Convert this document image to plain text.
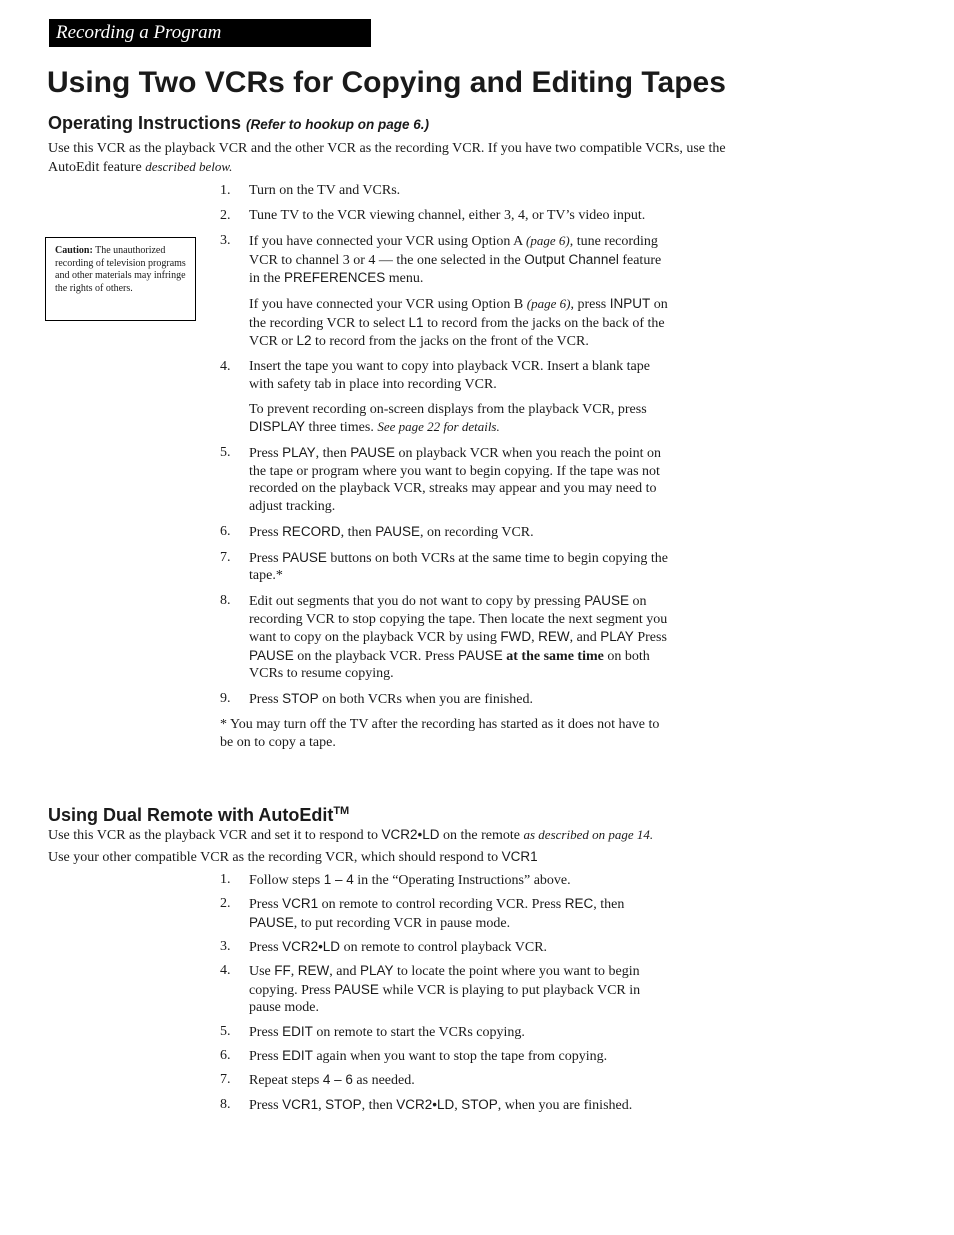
Recording a Program
Using Two VCRs for Copying and Editing Tapes
Operating Instructions (Refer to hookup on page 6.)

Use this VCR as the playback VCR and the other VCR as the recording VCR. If you have two compatible VCRs, use the AutoEdit feature described below.

Caution: The unauthorized recording of television programs and other materials may infringe the rights of others.
1.	Turn on the TV and VCRs.
2.	Tune TV to the VCR viewing channel, either 3, 4, or TV’s video input.
3.	If you have connected your VCR using Option A (page 6), tune recording VCR to channel 3 or 4 — the one selected in the Output Channel feature in the PREFERENCES menu.
If you have connected your VCR using Option B (page 6), press INPUT on the recording VCR to select L1 to record from the jacks on the back of the VCR or L2 to record from the jacks on the front of the VCR.
4.	Insert the tape you want to copy into playback VCR. Insert a blank tape with safety tab in place into recording VCR.
To prevent recording on-screen displays from the playback VCR, press DISPLAY three times. See page 22 for details.
5.	Press PLAY, then PAUSE on playback VCR when you reach the point on the tape or program where you want to begin copying. If the tape was not recorded on the playback VCR, streaks may appear and you may need to adjust tracking.
6.	Press RECORD, then PAUSE, on recording VCR.
7.	Press PAUSE buttons on both VCRs at the same time to begin copying the tape.*
8.	Edit out segments that you do not want to copy by pressing PAUSE on recording VCR to stop copying the tape. Then locate the next segment you want to copy on the playback VCR by using FWD, REW, and PLAY Press PAUSE on the playback VCR. Press PAUSE at the same time on both VCRs to resume copying.
9.	Press STOP on both VCRs when you are finished.
* You may turn off the TV after the recording has started as it does not have to be on to copy a tape.
Using Dual Remote with AutoEdit™

Use this VCR as the playback VCR and set it to respond to VCR2•LD on the remote as described on page 14.

Use your other compatible VCR as the recording VCR, which should respond to VCR1

1.	Follow steps 1 – 4 in the “Operating Instructions” above.
2.	Press VCR1 on remote to control recording VCR. Press REC, then PAUSE, to put recording VCR in pause mode.
3.	Press VCR2•LD on remote to control playback VCR.
4.	Use FF, REW, and PLAY to locate the point where you want to begin copying. Press PAUSE while VCR is playing to put playback VCR in pause mode.
5.	Press EDIT on remote to start the VCRs copying.
6.	Press EDIT again when you want to stop the tape from copying.
7.	Repeat steps 4 – 6 as needed.
8.	Press VCR1, STOP, then VCR2•LD, STOP, when you are finished.
